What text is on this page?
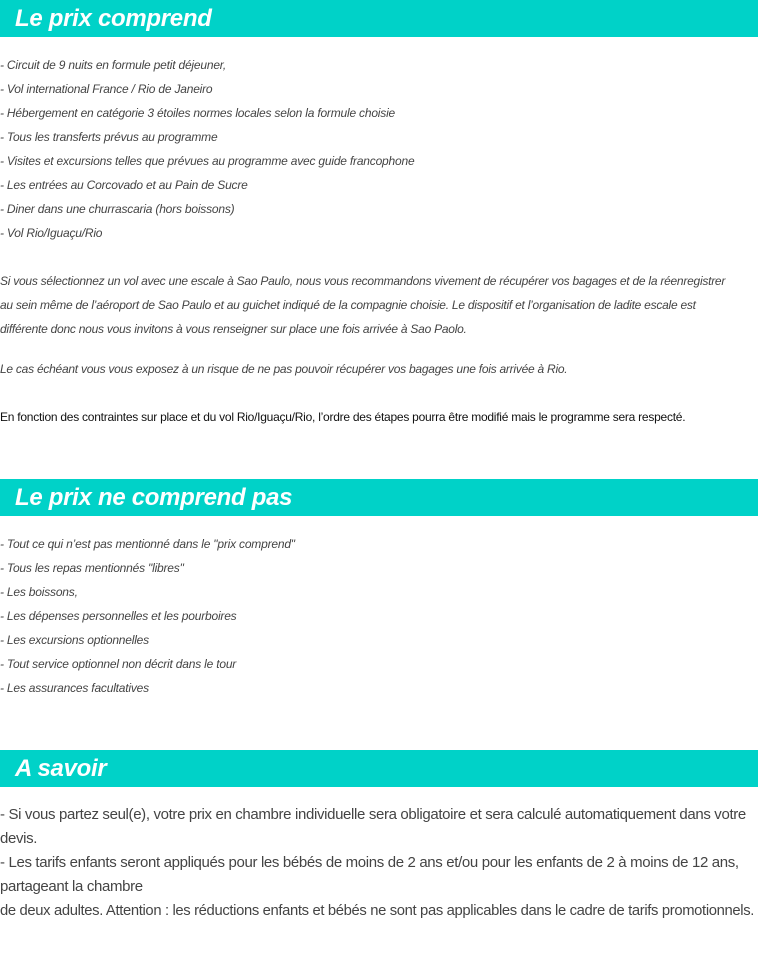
Le prix comprend
- Circuit de 9 nuits en formule petit déjeuner,
- Vol international France / Rio de Janeiro
- Hébergement en catégorie 3 étoiles normes locales selon la formule choisie
- Tous les transferts prévus au programme
- Visites et excursions telles que prévues au programme avec guide francophone
- Les entrées au Corcovado et au Pain de Sucre
- Diner dans une churrascaria (hors boissons)
- Vol Rio/Iguaçu/Rio
Si vous sélectionnez un vol avec une escale à Sao Paulo, nous vous recommandons vivement de récupérer vos bagages et de la réenregistrer
au sein même de l’aéroport de Sao Paulo et au guichet indiqué de la compagnie choisie. Le dispositif et l’organisation de ladite escale est
différente donc nous vous invitons à vous renseigner sur place une fois arrivée à Sao Paolo.
Le cas échéant vous vous exposez à un risque de ne pas pouvoir récupérer vos bagages une fois arrivée à Rio.
En fonction des contraintes sur place et du vol Rio/Iguaçu/Rio, l’ordre des étapes pourra être modifié mais le programme sera respecté.
Le prix ne comprend pas
- Tout ce qui n’est pas mentionné dans le "prix comprend"
- Tous les repas mentionnés "libres"
- Les boissons,
- Les dépenses personnelles et les pourboires
- Les excursions optionnelles
- Tout service optionnel non décrit dans le tour
- Les assurances facultatives
A savoir
- Si vous partez seul(e), votre prix en chambre individuelle sera obligatoire et sera calculé automatiquement dans votre
devis.
- Les tarifs enfants seront appliqués pour les bébés de moins de 2 ans et/ou pour les enfants de 2 à moins de 12 ans,
partageant la chambre
de deux adultes. Attention : les réductions enfants et bébés ne sont pas applicables dans le cadre de tarifs promotionnels.
